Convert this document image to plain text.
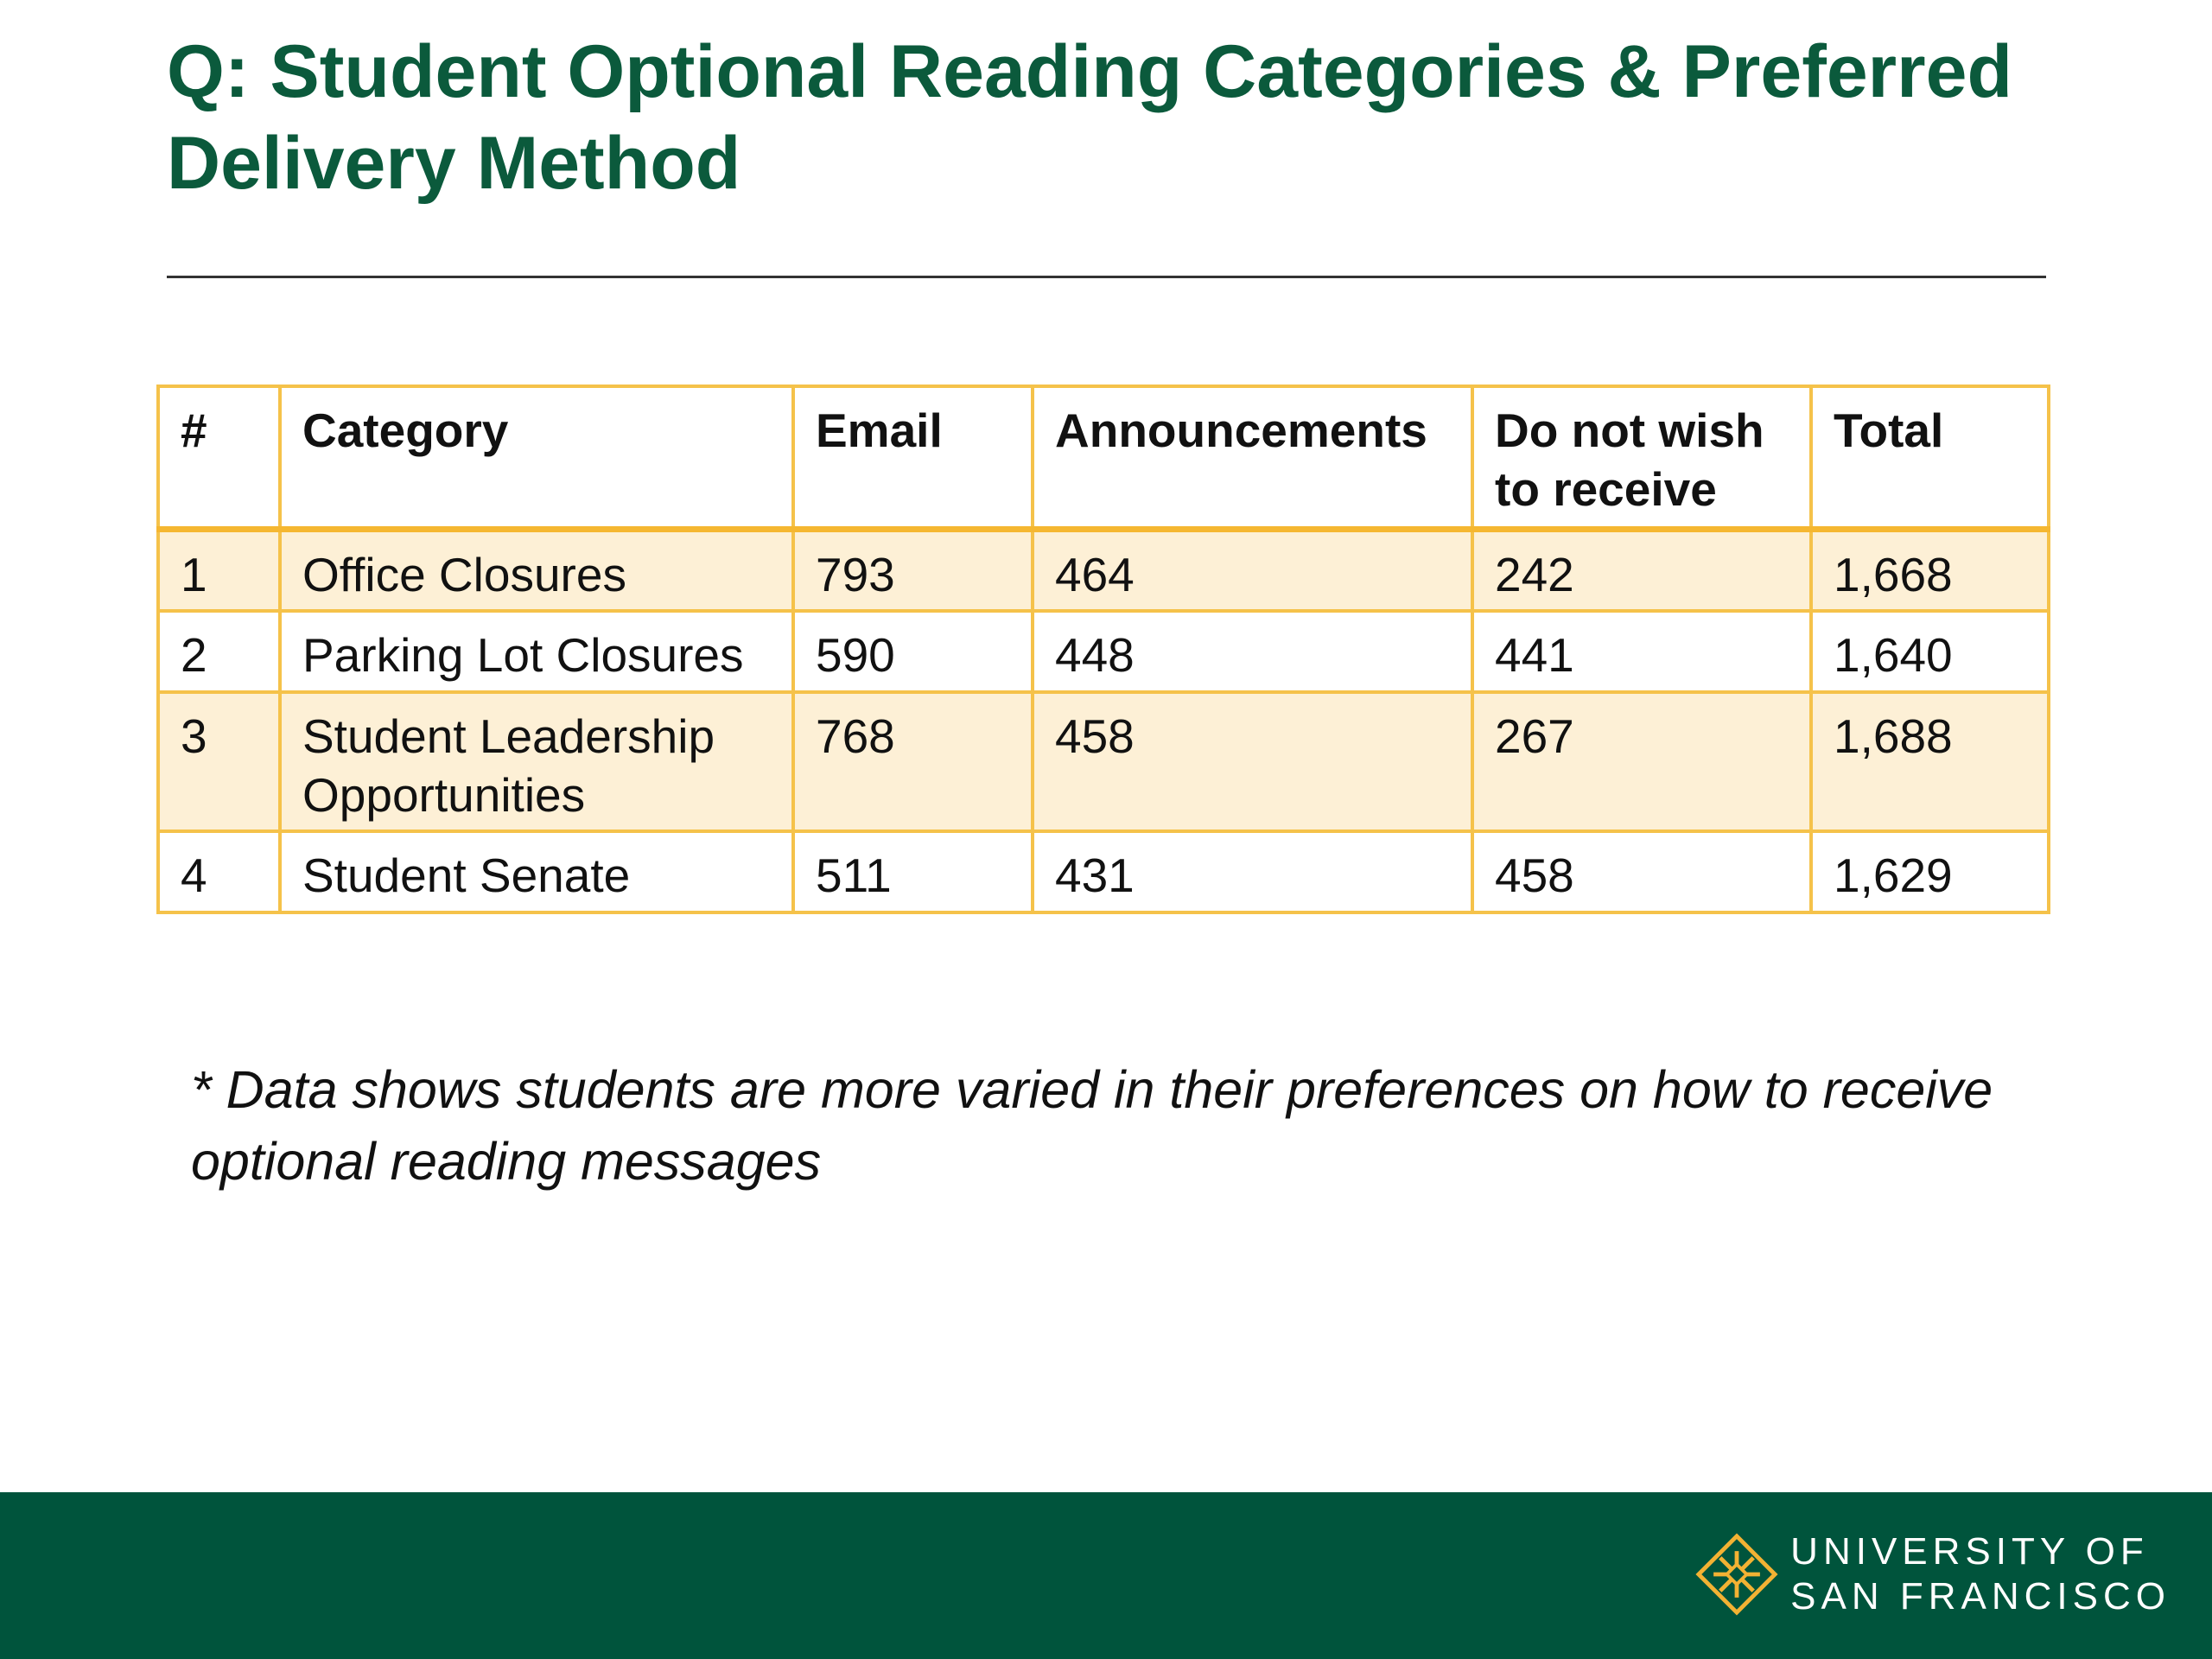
Q: Student Optional Reading Categories & Preferred Delivery Method
#	Category	Email	Announcements	Do not wish to receive	Total
1	Office Closures	793	464	242	1,668
2	Parking Lot Closures	590	448	441	1,640
3	Student Leadership Opportunities	768	458	267	1,688
4	Student Senate	511	431	458	1,629

* Data shows students are more varied in their preferences on how to receive optional reading messages

UNIVERSITY OF
SAN FRANCISCO
